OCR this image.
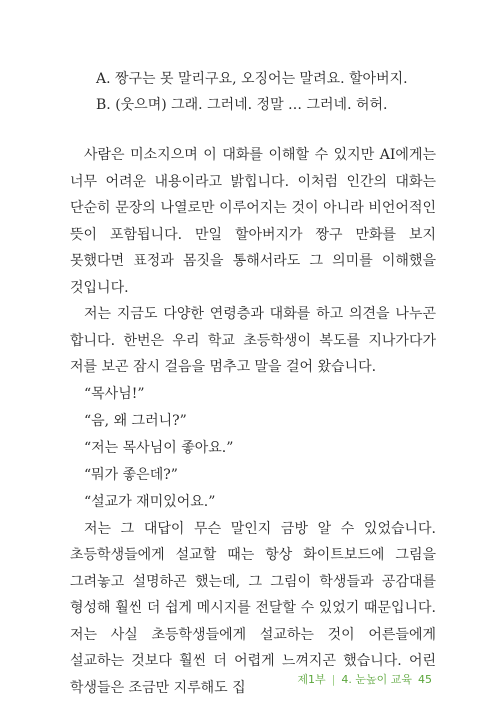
A. 짱구는 못 말리구요, 오징어는 말려요. 할아버지.
B. (웃으며) 그래. 그러네. 정말 … 그러네. 허허.

사람은 미소지으며 이 대화를 이해할 수 있지만 AI에게는 너무 어려운 내용이라고 밝힙니다. 이처럼 인간의 대화는 단순히 문장의 나열로만 이루어지는 것이 아니라 비언어적인 뜻이 포함됩니다. 만일 할아버지가 짱구 만화를 보지 못했다면 표정과 몸짓을 통해서라도 그 의미를 이해했을 것입니다.

저는 지금도 다양한 연령층과 대화를 하고 의견을 나누곤 합니다. 한번은 우리 학교 초등학생이 복도를 지나가다가 저를 보곤 잠시 걸음을 멈추고 말을 걸어 왔습니다.

“목사님!”

“음, 왜 그러니?”

“저는 목사님이 좋아요.”

“뭐가 좋은데?”

“설교가 재미있어요.”

저는 그 대답이 무슨 말인지 금방 알 수 있었습니다. 초등학생들에게 설교할 때는 항상 화이트보드에 그림을 그려놓고 설명하곤 했는데, 그 그림이 학생들과 공감대를 형성해 훨씬 더 쉽게 메시지를 전달할 수 있었기 때문입니다. 저는 사실 초등학생들에게 설교하는 것이 어른들에게 설교하는 것보다 훨씬 더 어렵게 느껴지곤 했습니다. 어린 학생들은 조금만 지루해도 집	제1부 | 4. 눈높이 교육 45
